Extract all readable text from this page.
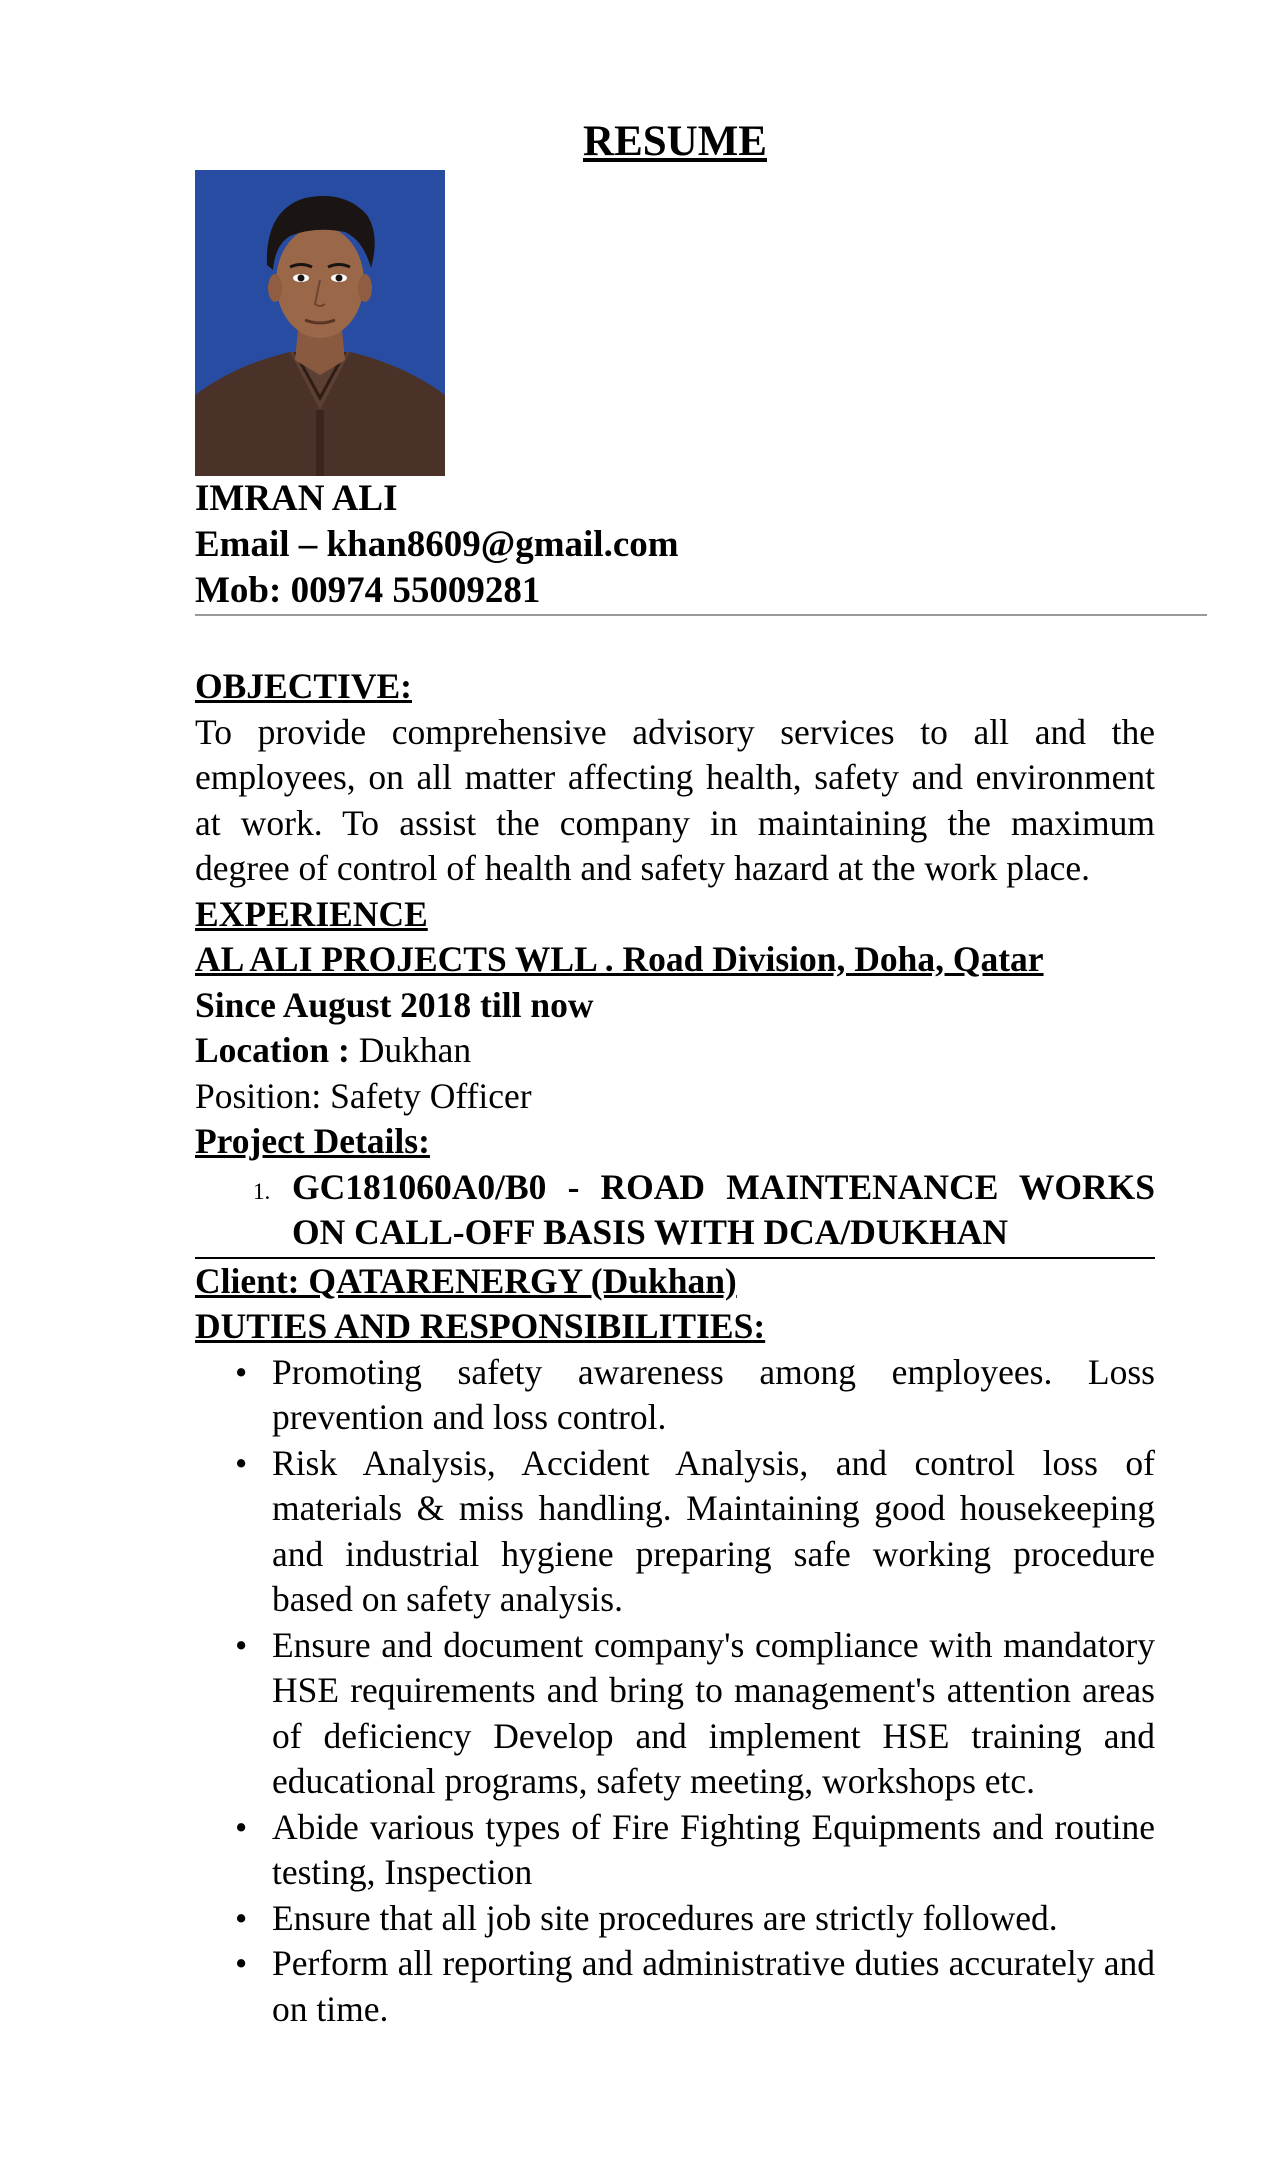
RESUME
IMRAN ALI
Email – khan8609@gmail.com
Mob: 00974 55009281

OBJECTIVE:

To provide comprehensive advisory services to all and the employees, on all matter affecting health, safety and environment at work. To assist the company in maintaining the maximum degree of control of health and safety hazard at the work place.

EXPERIENCE

AL ALI PROJECTS WLL . Road Division, Doha, Qatar

Since August 2018 till now

Location : Dukhan

Position: Safety Officer

Project Details:

1. GC181060A0/B0 - ROAD MAINTENANCE WORKS ON CALL-OFF BASIS WITH DCA/DUKHAN

Client: QATARENERGY (Dukhan)

DUTIES AND RESPONSIBILITIES:

• Promoting safety awareness among employees. Loss prevention and loss control.
• Risk Analysis, Accident Analysis, and control loss of materials & miss handling. Maintaining good housekeeping and industrial hygiene preparing safe working procedure based on safety analysis.
• Ensure and document company's compliance with mandatory HSE requirements and bring to management's attention areas of deficiency Develop and implement HSE training and educational programs, safety meeting, workshops etc.
• Abide various types of Fire Fighting Equipments and routine testing, Inspection
• Ensure that all job site procedures are strictly followed.
• Perform all reporting and administrative duties accurately and on time.
